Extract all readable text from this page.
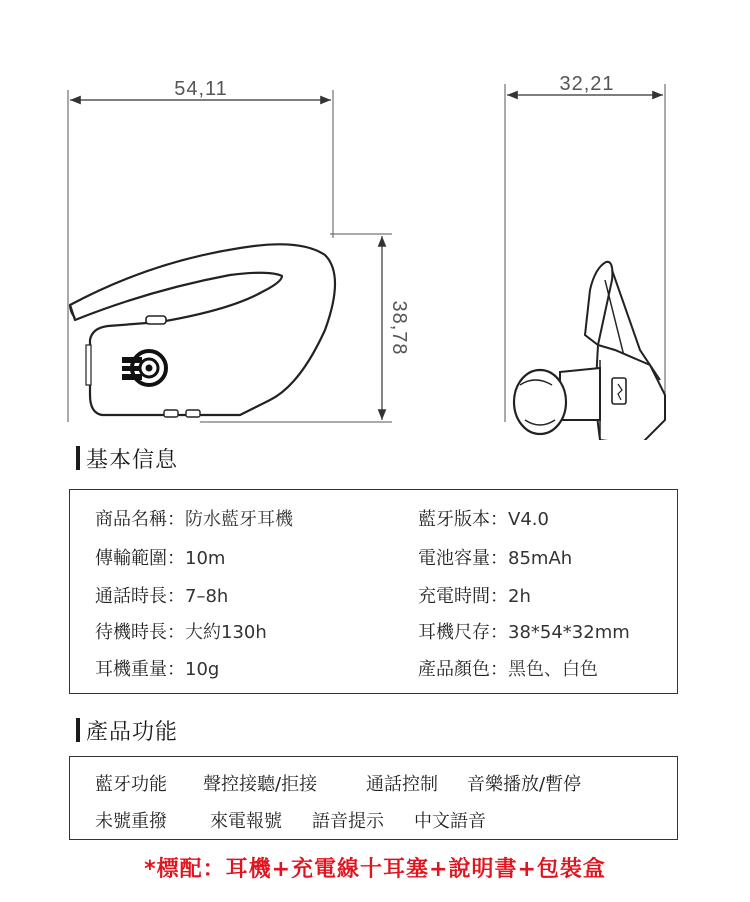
54,11
38,78
32,21
基本信息
商品名稱：防水藍牙耳機
傳輸範圍：10m
通話時長：7–8h
待機時長：大約130h
耳機重量：10g
藍牙版本：V4.0
電池容量：85mAh
充電時間：2h
耳機尺存：38*54*32mm
產品顏色：黑色、白色
產品功能
藍牙功能 聲控接聽/拒接	通話控制 音樂播放/暫停
未號重撥 來電報號 語音提示 中文語音
*標配：耳機+充電線十耳塞+說明書+包裝盒
